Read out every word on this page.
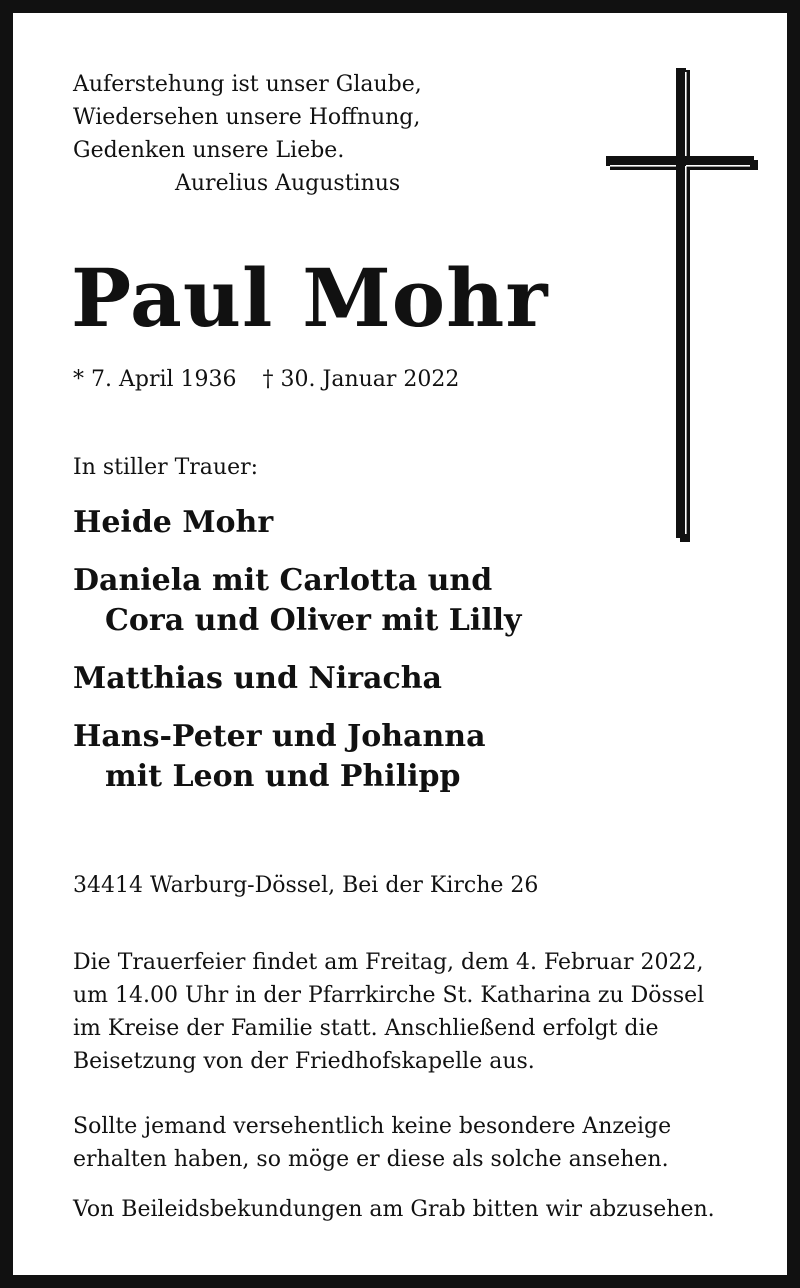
Auferstehung ist unser Glaube,
Wiedersehen unsere Hoffnung,
Gedenken unsere Liebe.
Aurelius Augustinus
Paul Mohr
* 7. April 1936 † 30. Januar 2022
In stiller Trauer:
Heide Mohr
Daniela mit Carlotta und
Cora und Oliver mit Lilly
Matthias und Niracha
Hans-Peter und Johanna
mit Leon und Philipp
34414 Warburg-Dössel, Bei der Kirche 26
Die Trauerfeier findet am Freitag, dem 4. Februar 2022,
um 14.00 Uhr in der Pfarrkirche St. Katharina zu Dössel
im Kreise der Familie statt. Anschließend erfolgt die
Beisetzung von der Friedhofskapelle aus.
Sollte jemand versehentlich keine besondere Anzeige
erhalten haben, so möge er diese als solche ansehen.
Von Beileidsbekundungen am Grab bitten wir abzusehen.
